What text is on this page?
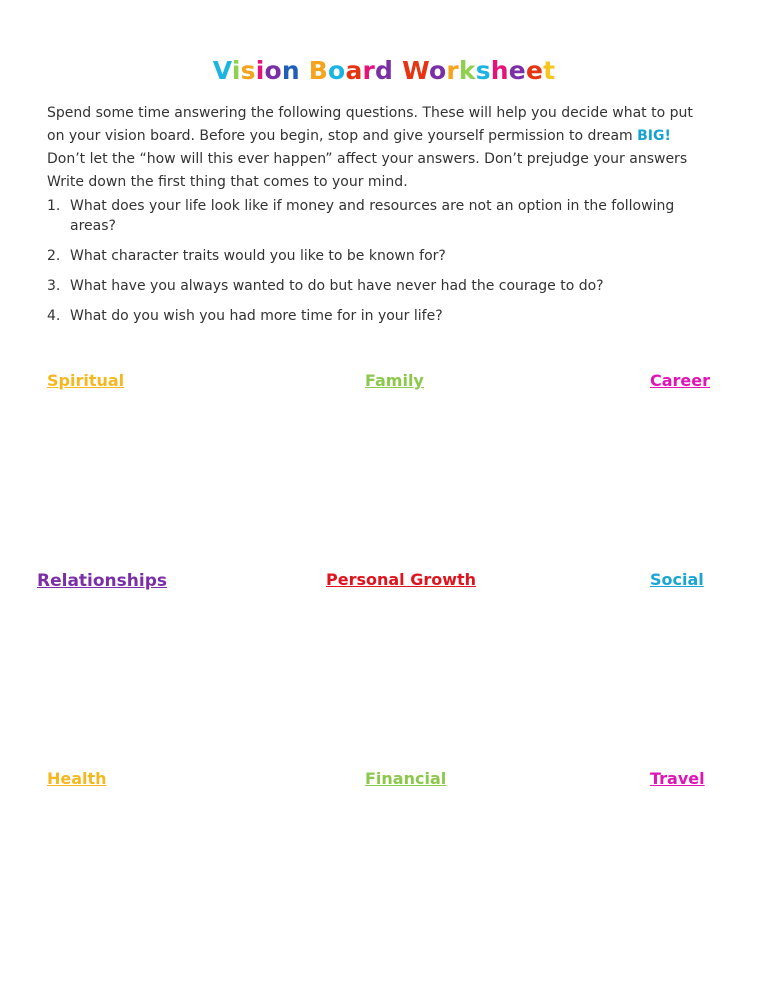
Vision Board Worksheet
Spend some time answering the following questions. These will help you decide what to put
on your vision board. Before you begin, stop and give yourself permission to dream BIG!
Don’t let the “how will this ever happen” affect your answers. Don’t prejudge your answers
Write down the first thing that comes to your mind.
1. What does your life look like if money and resources are not an option in the following
areas?
2. What character traits would you like to be known for?
3. What have you always wanted to do but have never had the courage to do?
4. What do you wish you had more time for in your life?
Spiritual	Family	Career
Relationships	Personal Growth	Social
Health	Financial	Travel
